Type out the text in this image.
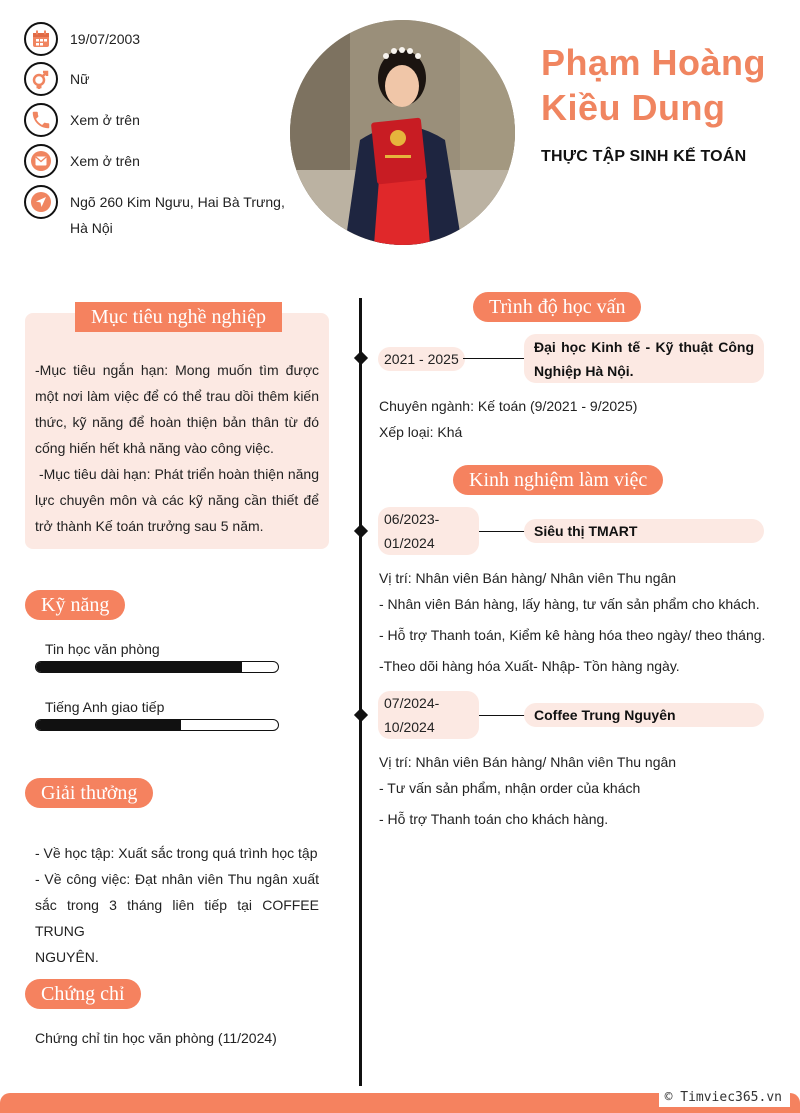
19/07/2003
Nữ
Xem ở trên
Xem ở trên
Ngõ 260 Kim Ngưu, Hai Bà Trưng,
Hà Nội
Phạm Hoàng
Kiều Dung
THỰC TẬP SINH KẾ TOÁN
Mục tiêu nghề nghiệp
-Mục tiêu ngắn hạn: Mong muốn tìm được
một nơi làm việc để có thể trau dồi thêm kiến
thức, kỹ năng để hoàn thiện bản thân từ đó
cống hiến hết khả năng vào công việc.
-Mục tiêu dài hạn: Phát triển hoàn thiện năng
lực chuyên môn và các kỹ năng cần thiết để
trở thành Kế toán trưởng sau 5 năm.
Kỹ năng
Tin học văn phòng
Tiếng Anh giao tiếp
Giải thưởng
- Về học tập: Xuất sắc trong quá trình học tập
- Về công việc: Đạt nhân viên Thu ngân xuất
sắc trong 3 tháng liên tiếp tại COFFEE TRUNG
NGUYÊN.
Chứng chỉ
Chứng chỉ tin học văn phòng (11/2024)
Trình độ học vấn
2021 - 2025
Đại học Kinh tế - Kỹ thuật Công
Nghiệp Hà Nội.
Chuyên ngành: Kế toán (9/2021 - 9/2025)
Xếp loại: Khá
Kinh nghiệm làm việc
06/2023-
01/2024
Siêu thị TMART
Vị trí: Nhân viên Bán hàng/ Nhân viên Thu ngân
- Nhân viên Bán hàng, lấy hàng, tư vấn sản phẩm cho khách.
- Hỗ trợ Thanh toán, Kiểm kê hàng hóa theo ngày/ theo tháng.
-Theo dõi hàng hóa Xuất- Nhập- Tồn hàng ngày.
07/2024-
10/2024
Coffee Trung Nguyên
Vị trí: Nhân viên Bán hàng/ Nhân viên Thu ngân
- Tư vấn sản phẩm, nhận order của khách
- Hỗ trợ Thanh toán cho khách hàng.
© Timviec365.vn
